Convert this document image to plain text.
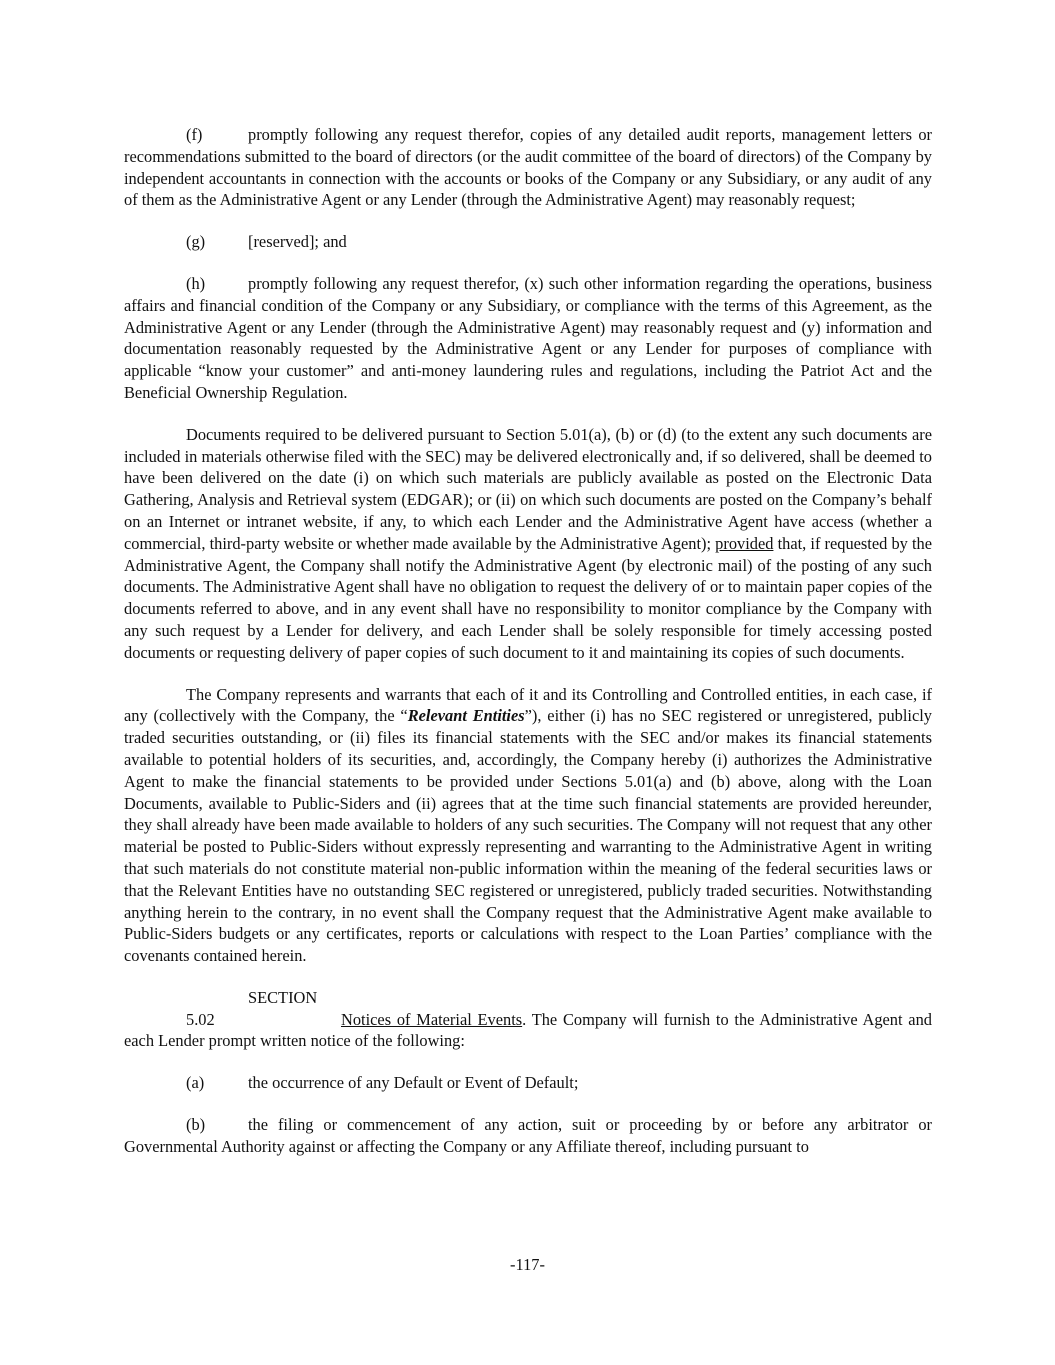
(f)	promptly following any request therefor, copies of any detailed audit reports, management letters or recommendations submitted to the board of directors (or the audit committee of the board of directors) of the Company by independent accountants in connection with the accounts or books of the Company or any Subsidiary, or any audit of any of them as the Administrative Agent or any Lender (through the Administrative Agent) may reasonably request;

(g)	[reserved]; and

(h)	promptly following any request therefor, (x) such other information regarding the operations, business affairs and financial condition of the Company or any Subsidiary, or compliance with the terms of this Agreement, as the Administrative Agent or any Lender (through the Administrative Agent) may reasonably request and (y) information and documentation reasonably requested by the Administrative Agent or any Lender for purposes of compliance with applicable “know your customer” and anti-money laundering rules and regulations, including the Patriot Act and the Beneficial Ownership Regulation.

Documents required to be delivered pursuant to Section 5.01(a), (b) or (d) (to the extent any such documents are included in materials otherwise filed with the SEC) may be delivered electronically and, if so delivered, shall be deemed to have been delivered on the date (i) on which such materials are publicly available as posted on the Electronic Data Gathering, Analysis and Retrieval system (EDGAR); or (ii) on which such documents are posted on the Company’s behalf on an Internet or intranet website, if any, to which each Lender and the Administrative Agent have access (whether a commercial, third-party website or whether made available by the Administrative Agent); provided that, if requested by the Administrative Agent, the Company shall notify the Administrative Agent (by electronic mail) of the posting of any such documents. The Administrative Agent shall have no obligation to request the delivery of or to maintain paper copies of the documents referred to above, and in any event shall have no responsibility to monitor compliance by the Company with any such request by a Lender for delivery, and each Lender shall be solely responsible for timely accessing posted documents or requesting delivery of paper copies of such document to it and maintaining its copies of such documents.

The Company represents and warrants that each of it and its Controlling and Controlled entities, in each case, if any (collectively with the Company, the “Relevant Entities”), either (i) has no SEC registered or unregistered, publicly traded securities outstanding, or (ii) files its financial statements with the SEC and/or makes its financial statements available to potential holders of its securities, and, accordingly, the Company hereby (i) authorizes the Administrative Agent to make the financial statements to be provided under Sections 5.01(a) and (b) above, along with the Loan Documents, available to Public-Siders and (ii) agrees that at the time such financial statements are provided hereunder, they shall already have been made available to holders of any such securities. The Company will not request that any other material be posted to Public-Siders without expressly representing and warranting to the Administrative Agent in writing that such materials do not constitute material non-public information within the meaning of the federal securities laws or that the Relevant Entities have no outstanding SEC registered or unregistered, publicly traded securities. Notwithstanding anything herein to the contrary, in no event shall the Company request that the Administrative Agent make available to Public-Siders budgets or any certificates, reports or calculations with respect to the Loan Parties’ compliance with the covenants contained herein.

SECTION 5.02	Notices of Material Events. The Company will furnish to the Administrative Agent and each Lender prompt written notice of the following:

(a)	the occurrence of any Default or Event of Default;

(b)	the filing or commencement of any action, suit or proceeding by or before any arbitrator or Governmental Authority against or affecting the Company or any Affiliate thereof, including pursuant to

-117-
